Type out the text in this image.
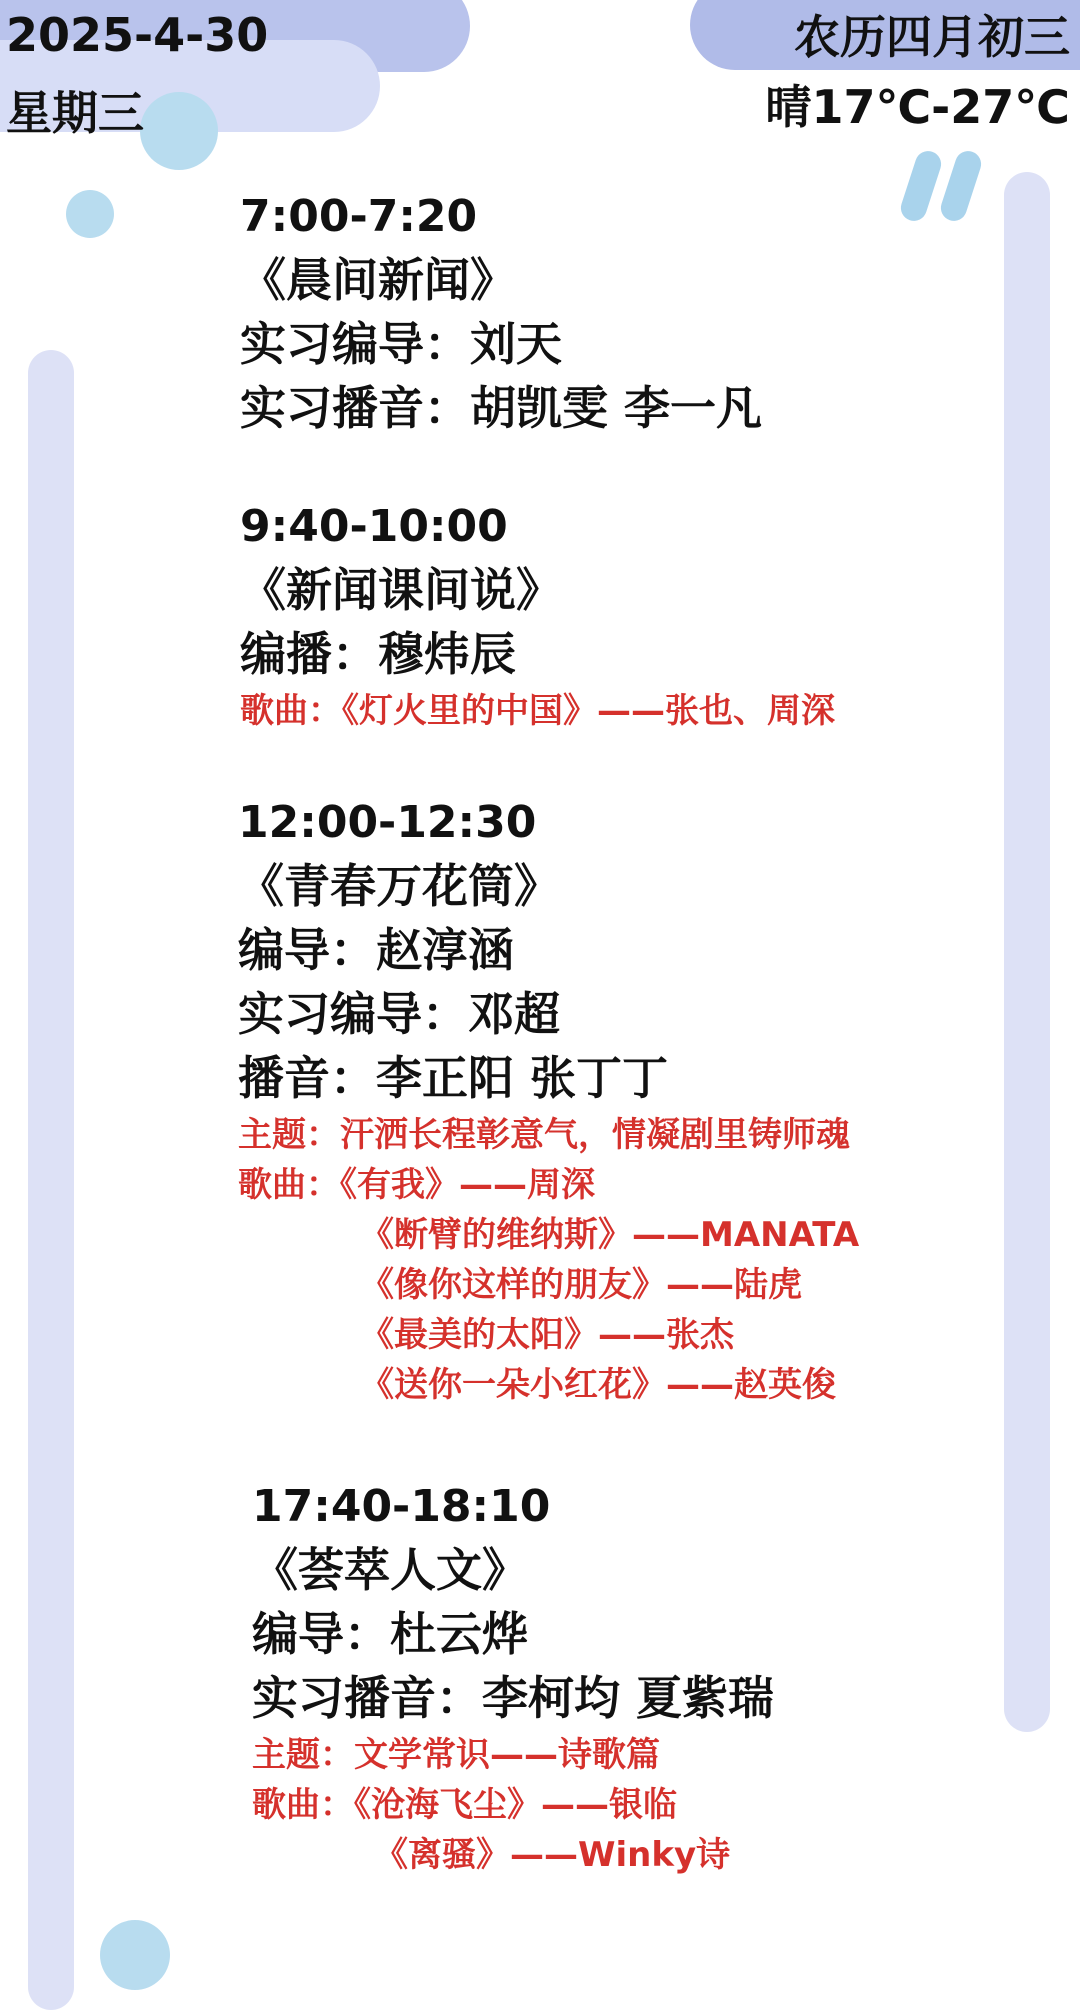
2025-4-30
星期三
农历四月初三
晴17℃-27℃
7:00-7:20
《晨间新闻》
实习编导：刘天
实习播音：胡凯雯 李一凡
9:40-10:00
《新闻课间说》
编播：穆炜辰
歌曲：《灯火里的中国》——张也、周深
12:00-12:30
《青春万花筒》
编导：赵淳涵
实习编导：邓超
播音：李正阳 张丁丁
主题：汗洒长程彰意气，情凝剧里铸师魂
歌曲：《有我》——周深
《断臂的维纳斯》——MANATA
《像你这样的朋友》——陆虎
《最美的太阳》——张杰
《送你一朵小红花》——赵英俊
17:40-18:10
《荟萃人文》
编导：杜云烨
实习播音：李柯均 夏紫瑞
主题：文学常识——诗歌篇
歌曲：《沧海飞尘》——银临
《离骚》——Winky诗
